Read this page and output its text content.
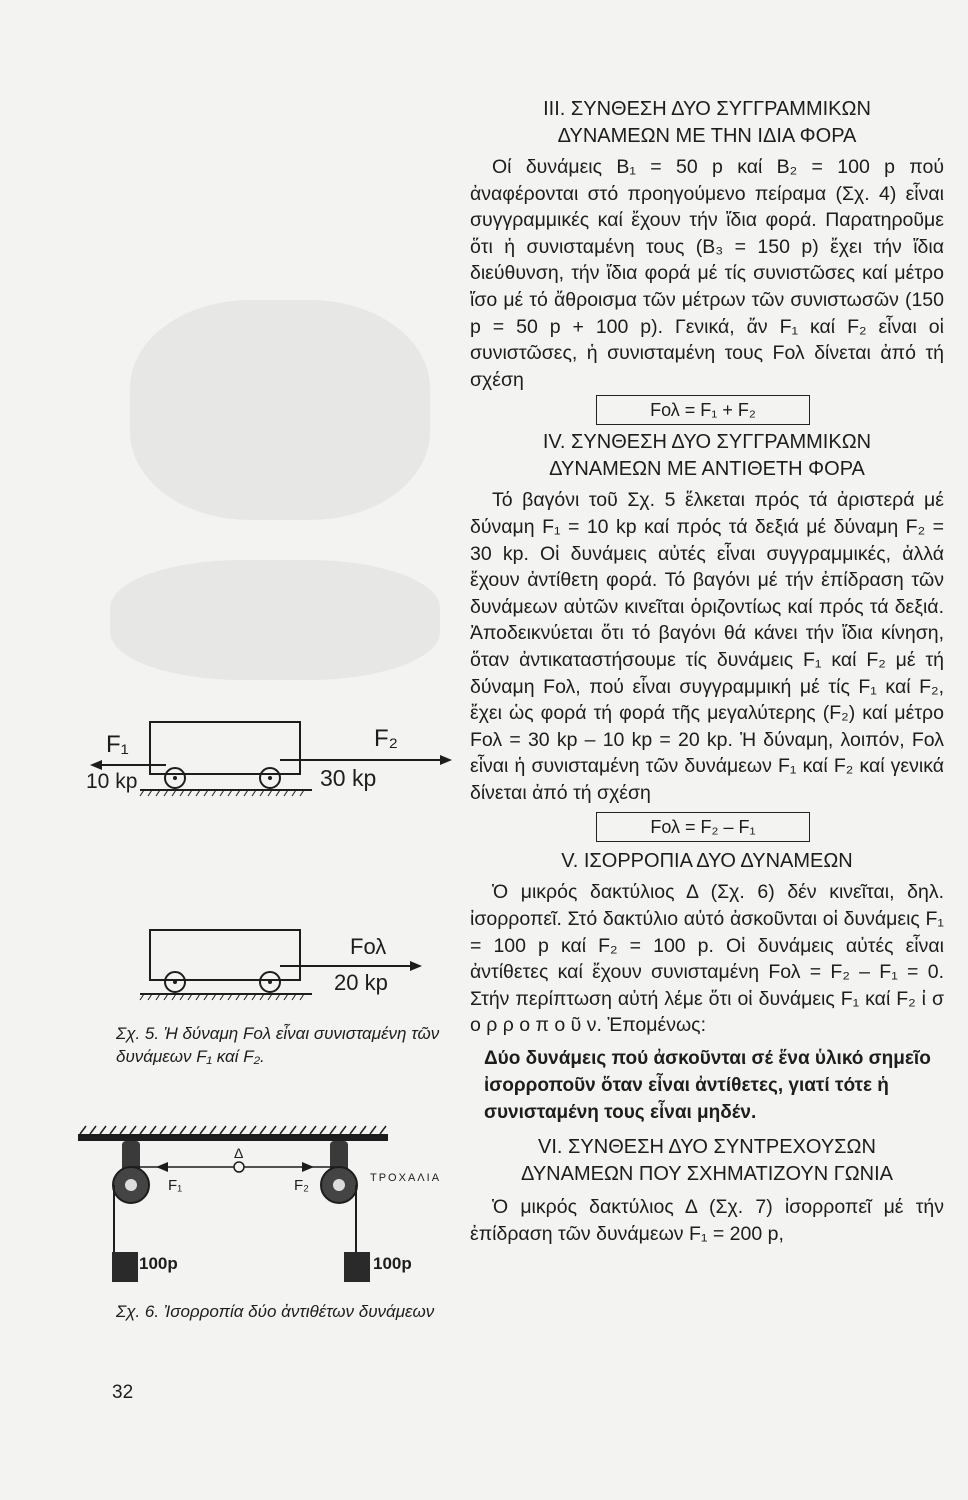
ΙΙΙ. ΣΥΝΘΕΣΗ ΔΥΟ ΣΥΓΓΡΑΜΜΙΚΩΝ
ΔΥΝΑΜΕΩΝ ΜΕ ΤΗΝ ΙΔΙΑ ΦΟΡΑ

Οί δυνάμεις Β₁ = 50 p καί Β₂ = 100 p πού ἀναφέρονται στό προηγούμενο πείραμα (Σχ. 4) εἶναι συγγραμμικές καί ἔχουν τήν ἴδια φορά. Παρατηροῦμε ὅτι ἡ συνισταμένη τους (Β₃ = 150 p) ἔχει τήν ἴδια διεύθυνση, τήν ἴδια φορά μέ τίς συνιστῶσες καί μέτρο ἴσο μέ τό ἄθροισμα τῶν μέτρων τῶν συνιστωσῶν (150 p = 50 p + 100 p). Γενικά, ἄν F₁ καί F₂ εἶναι οἱ συνιστῶσες, ἡ συνισταμένη τους Fολ δίνεται ἀπό τή σχέση

Fολ = F₁ + F₂
IV. ΣΥΝΘΕΣΗ ΔΥΟ ΣΥΓΓΡΑΜΜΙΚΩΝ
ΔΥΝΑΜΕΩΝ ΜΕ ΑΝΤΙΘΕΤΗ ΦΟΡΑ

Τό βαγόνι τοῦ Σχ. 5 ἕλκεται πρός τά ἀριστερά μέ δύναμη F₁ = 10 kp καί πρός τά δεξιά μέ δύναμη F₂ = 30 kp. Οἱ δυνάμεις αὐτές εἶναι συγγραμμικές, ἀλλά ἔχουν ἀντίθετη φορά. Τό βαγόνι μέ τήν ἐπίδραση τῶν δυνάμεων αὐτῶν κινεῖται ὁριζοντίως καί πρός τά δεξιά. Ἀποδεικνύεται ὅτι τό βαγόνι θά κάνει τήν ἴδια κίνηση, ὅταν ἀντικαταστήσουμε τίς δυνάμεις F₁ καί F₂ μέ τή δύναμη Fολ, πού εἶναι συγγραμμική μέ τίς F₁ καί F₂, ἔχει ὡς φορά τή φορά τῆς μεγαλύτερης (F₂) καί μέτρο Fολ = 30 kp – 10 kp = 20 kp. Ἡ δύναμη, λοιπόν, Fολ εἶναι ἡ συνισταμένη τῶν δυνάμεων F₁ καί F₂ καί γενικά δίνεται ἀπό τή σχέση

Fολ = F₂ – F₁
V. ΙΣΟΡΡΟΠΙΑ ΔΥΟ ΔΥΝΑΜΕΩΝ

Ὁ μικρός δακτύλιος Δ (Σχ. 6) δέν κινεῖται, δηλ. ἰσορροπεῖ. Στό δακτύλιο αὐτό ἀσκοῦνται οἱ δυνάμεις F₁ = 100 p καί F₂ = 100 p. Οἱ δυνάμεις αὐτές εἶναι ἀντίθετες καί ἔχουν συνισταμένη Fολ = F₂ – F₁ = 0. Στήν περίπτωση αὐτή λέμε ὅτι οἱ δυνάμεις F₁ καί F₂ ἰ σ ο ρ ρ ο π ο ῦ ν. Ἐπομένως:

Δύο δυνάμεις πού ἀσκοῦνται σέ ἕνα ὑλικό σημεῖο ἰσορροποῦν ὅταν εἶναι ἀντίθετες, γιατί τότε ἡ συνισταμένη τους εἶναι μηδέν.

VI. ΣΥΝΘΕΣΗ ΔΥΟ ΣΥΝΤΡΕΧΟΥΣΩΝ
ΔΥΝΑΜΕΩΝ ΠΟΥ ΣΧΗΜΑΤΙΖΟΥΝ ΓΩΝΙΑ

Ὁ μικρός δακτύλιος Δ (Σχ. 7) ἰσορροπεῖ μέ τήν ἐπίδραση τῶν δυνάμεων F₁ = 200 p,

F₁
10 kp
F₂
30 kp
Fολ
20 kp
Σχ. 5. Ἡ δύναμη Fολ εἶναι συνισταμένη τῶν δυνάμεων F₁ καί F₂.
100p	100p
Δ
F₁	F₂	ΤΡΟΧΑΛΙΑ
Σχ. 6. Ἰσορροπία δύο ἀντιθέτων δυνάμεων
32
